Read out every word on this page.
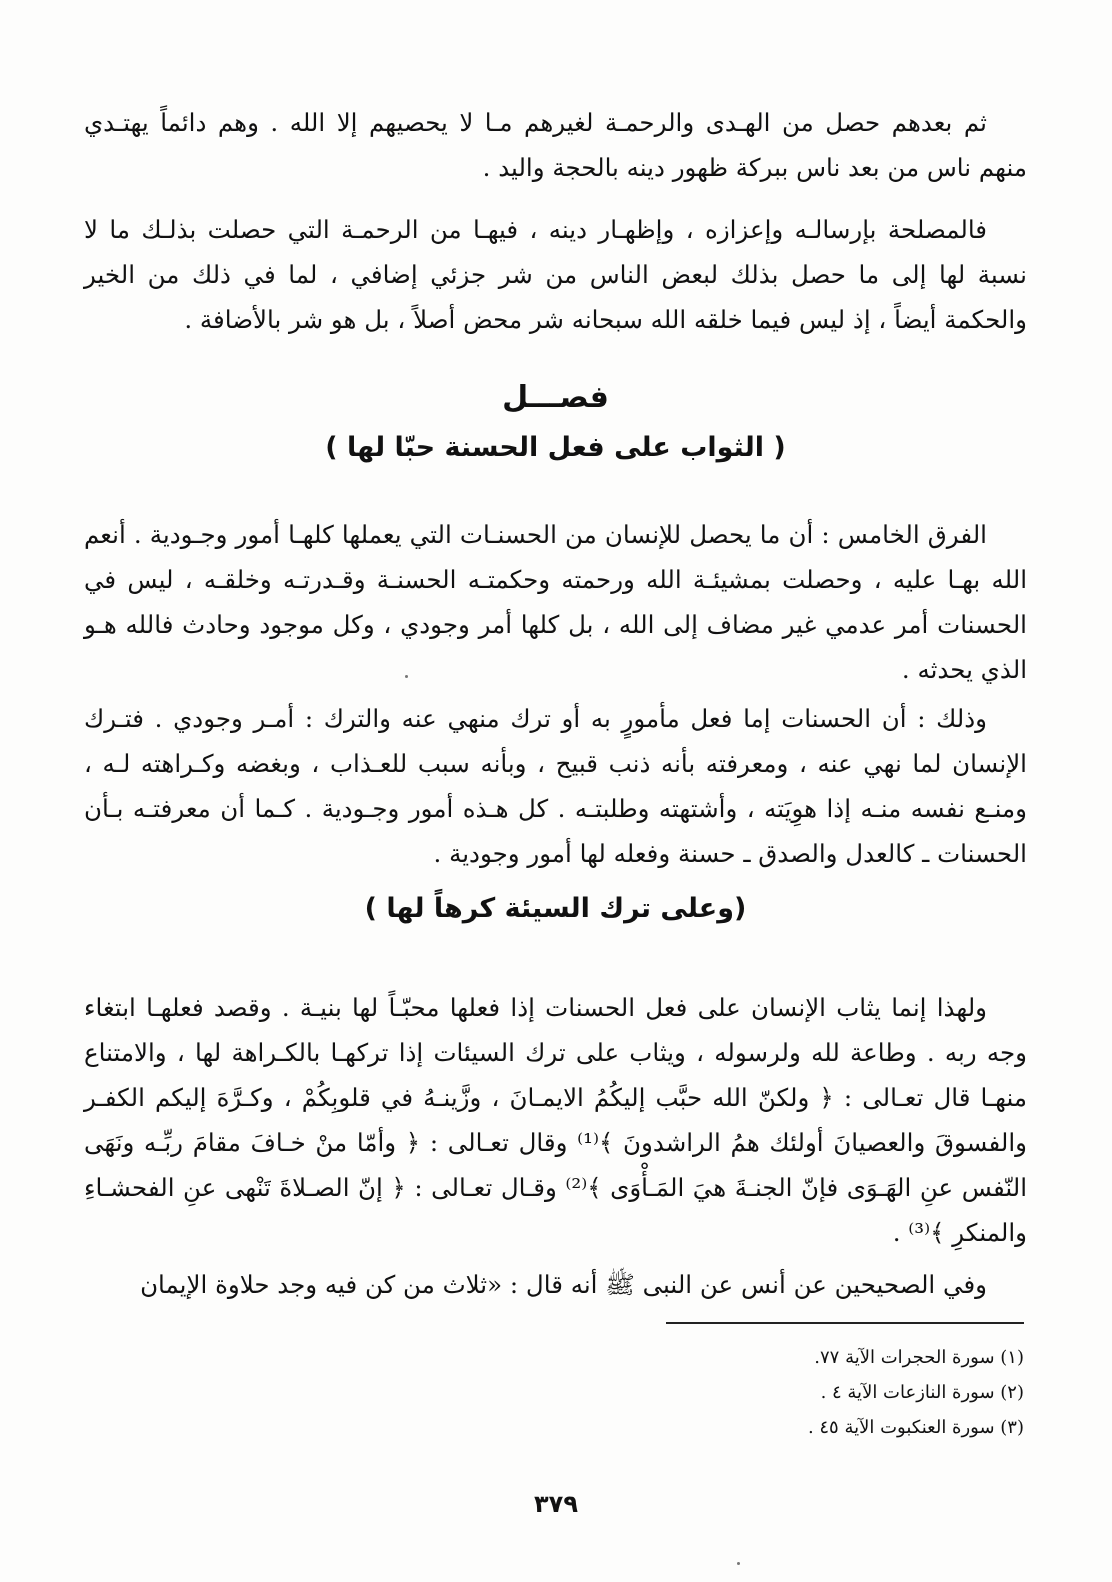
ثم بعدهم حصل من الهـدى والرحمـة لغيرهم مـا لا يحصيهم إلا الله . وهم دائماً يهتـدي منهم ناس من بعد ناس ببركة ظهور دينه بالحجة واليد .

فالمصلحة بإرسالـه وإعزازه ، وإظهـار دينه ، فيهـا من الرحمـة التي حصلت بذلـك ما لا نسبة لها إلى ما حصل بذلك لبعض الناس من شر جزئي إضافي ، لما في ذلك من الخير والحكمة أيضاً ، إذ ليس فيما خلقه الله سبحانه شر محض أصلاً ، بل هو شر بالأضافة .

فصـــل
( الثواب على فعل الحسنة حبّا لها )

الفرق الخامس : أن ما يحصل للإنسان من الحسنـات التي يعملها كلهـا أمور وجـودية . أنعم الله بهـا عليه ، وحصلت بمشيئـة الله ورحمته وحكمتـه الحسنـة وقـدرتـه وخلقـه ، ليس في الحسنات أمر عدمي غير مضاف إلى الله ، بل كلها أمر وجودي ، وكل موجود وحادث فالله هـو الذي يحدثه .

وذلك : أن الحسنات إما فعل مأمورٍ به أو ترك منهي عنه والترك : أمـر وجودي . فتـرك الإنسان لما نهي عنه ، ومعرفته بأنه ذنب قبيح ، وبأنه سبب للعـذاب ، وبغضه وكـراهته لـه ، ومنـع نفسه منـه إذا هوِيَته ، وأشتهته وطلبتـه . كل هـذه أمور وجـودية . كـما أن معرفتـه بـأن الحسنات ـ كالعدل والصدق ـ حسنة وفعله لها أمور وجودية .

(وعلى ترك السيئة كرهاً لها )

ولهذا إنما يثاب الإنسان على فعل الحسنات إذا فعلها محبّـاً لها بنيـة . وقصد فعلهـا ابتغاء وجه ربه . وطاعة لله ولرسوله ، ويثاب على ترك السيئات إذا تركهـا بالكـراهة لها ، والامتناع منهـا قال تعـالى : ﴿ ولكنّ الله حبَّب إليكُمُ الايمـانَ ، وزَّينـهُ في قلوبِكُمْ ، وكـرَّهَ إليكم الكفـر والفسوقَ والعصيانَ أولئك همُ الراشدونَ ﴾⁽¹⁾ وقال تعـالى : ﴿ وأمّا منْ خـافَ مقامَ ربِّـه ونَهَى النّفس عنِ الهَـوَى فإنّ الجنـةَ هيَ المَـأْوَى ﴾⁽²⁾ وقـال تعـالى : ﴿ إنّ الصـلاةَ تَنْهى عنِ الفحشـاءِ والمنكرِ ﴾⁽³⁾ .

وفي الصحيحين عن أنس عن النبى ﷺ أنه قال : «ثلاث من كن فيه وجد حلاوة الإيمان

(١) سورة الحجرات الآية ٧٧.

(٢) سورة النازعات الآية ٤ .

(٣) سورة العنكبوت الآية ٤٥ .

٣٧٩
